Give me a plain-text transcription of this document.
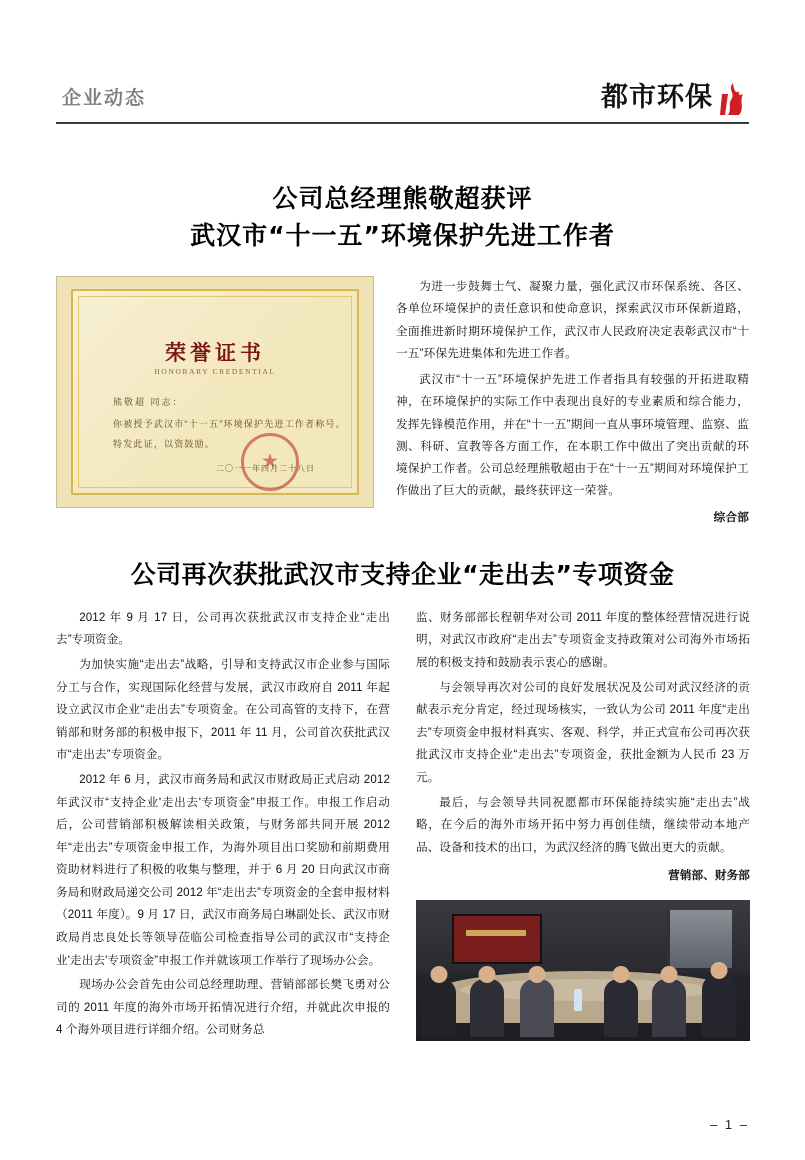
企业动态	都市环保
公司总经理熊敬超获评
武汉市“十一五”环境保护先进工作者
荣誉证书
HONORARY CREDENTIAL
熊敬超 同志：
你被授予武汉市“十一五”环境保护先进工作者称号。
特发此证，以资鼓励。
★
二〇一一年四月二十八日

为进一步鼓舞士气、凝聚力量，强化武汉市环保系统、各区、各单位环境保护的责任意识和使命意识，探索武汉市环保新道路，全面推进新时期环境保护工作，武汉市人民政府决定表彰武汉市“十一五”环保先进集体和先进工作者。

武汉市“十一五”环境保护先进工作者指具有较强的开拓进取精神，在环境保护的实际工作中表现出良好的专业素质和综合能力，发挥先锋模范作用，并在“十一五”期间一直从事环境管理、监察、监测、科研、宣教等各方面工作，在本职工作中做出了突出贡献的环境保护工作者。公司总经理熊敬超由于在“十一五”期间对环境保护工作做出了巨大的贡献，最终获评这一荣誉。

综合部
公司再次获批武汉市支持企业“走出去”专项资金

2012 年 9 月 17 日，公司再次获批武汉市支持企业“走出去”专项资金。

为加快实施“走出去”战略，引导和支持武汉市企业参与国际分工与合作，实现国际化经营与发展，武汉市政府自 2011 年起设立武汉市企业“走出去”专项资金。在公司高管的支持下，在营销部和财务部的积极申报下，2011 年 11 月，公司首次获批武汉市“走出去”专项资金。

2012 年 6 月，武汉市商务局和武汉市财政局正式启动 2012 年武汉市“支持企业'走出去'专项资金”申报工作。申报工作启动后，公司营销部积极解读相关政策，与财务部共同开展 2012 年“走出去”专项资金申报工作，为海外项目出口奖励和前期费用资助材料进行了积极的收集与整理，并于 6 月 20 日向武汉市商务局和财政局递交公司 2012 年“走出去”专项资金的全套申报材料（2011 年度）。9 月 17 日，武汉市商务局白琳副处长、武汉市财政局肖忠良处长等领导莅临公司检查指导公司的武汉市“支持企业'走出去'专项资金”申报工作并就该项工作举行了现场办公会。

现场办公会首先由公司总经理助理、营销部部长樊飞勇对公司的 2011 年度的海外市场开拓情况进行介绍，并就此次申报的 4 个海外项目进行详细介绍。公司财务总

监、财务部部长程朝华对公司 2011 年度的整体经营情况进行说明，对武汉市政府“走出去”专项资金支持政策对公司海外市场拓展的积极支持和鼓励表示衷心的感谢。

与会领导再次对公司的良好发展状况及公司对武汉经济的贡献表示充分肯定，经过现场核实，一致认为公司 2011 年度“走出去”专项资金申报材料真实、客观、科学，并正式宣布公司再次获批武汉市支持企业“走出去”专项资金，获批金额为人民币 23 万元。

最后，与会领导共同祝愿都市环保能持续实施“走出去”战略，在今后的海外市场开拓中努力再创佳绩，继续带动本地产品、设备和技术的出口，为武汉经济的腾飞做出更大的贡献。

营销部、财务部
– 1 –
